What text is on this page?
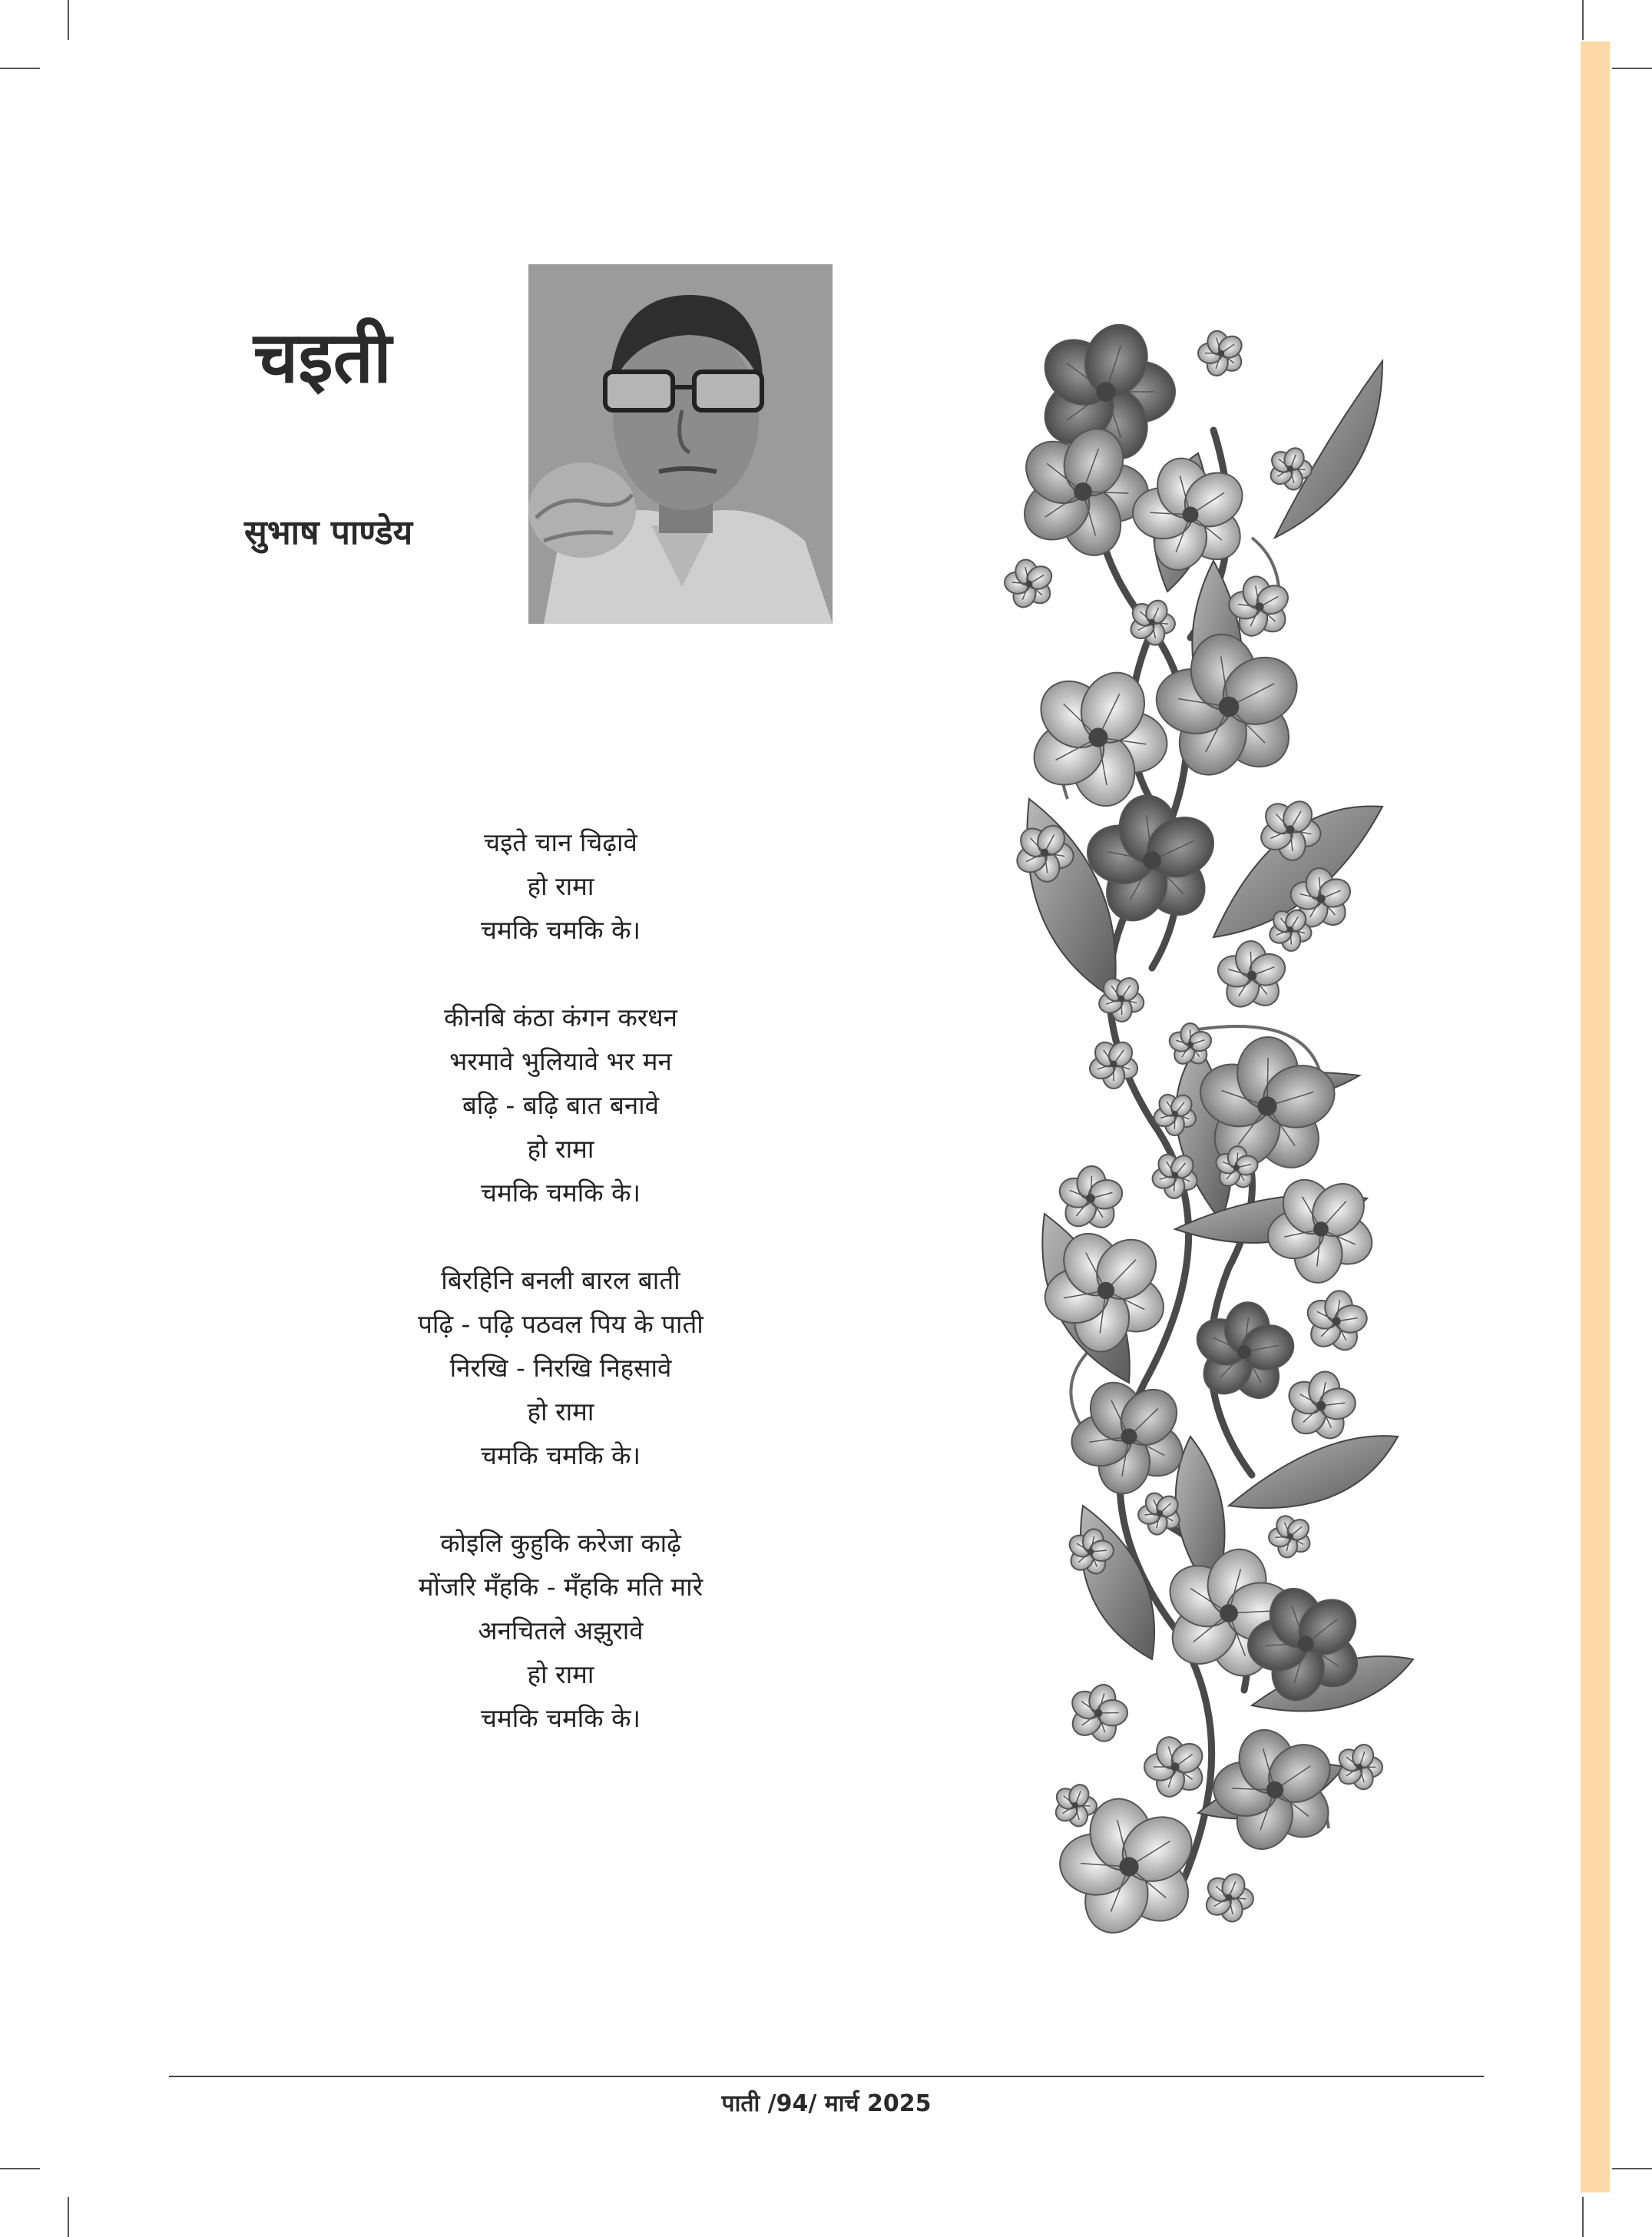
चइती
सुभाष पाण्डेय
चइते चान चिढ़ावे
हो रामा
चमकि चमकि के।
कीनबि कंठा कंगन करधन
भरमावे भुलियावे भर मन
बढ़ि - बढ़ि बात बनावे
हो रामा
चमकि चमकि के।
बिरहिनि बनली बारल बाती
पढ़ि - पढ़ि पठवल पिय के पाती
निरखि - निरखि निहसावे
हो रामा
चमकि चमकि के।
कोइलि कुहुकि करेजा काढ़े
मोंजरि मँहकि - मँहकि मति मारे
अनचितले अझुरावे
हो रामा
चमकि चमकि के।
पाती /94/ मार्च 2025
